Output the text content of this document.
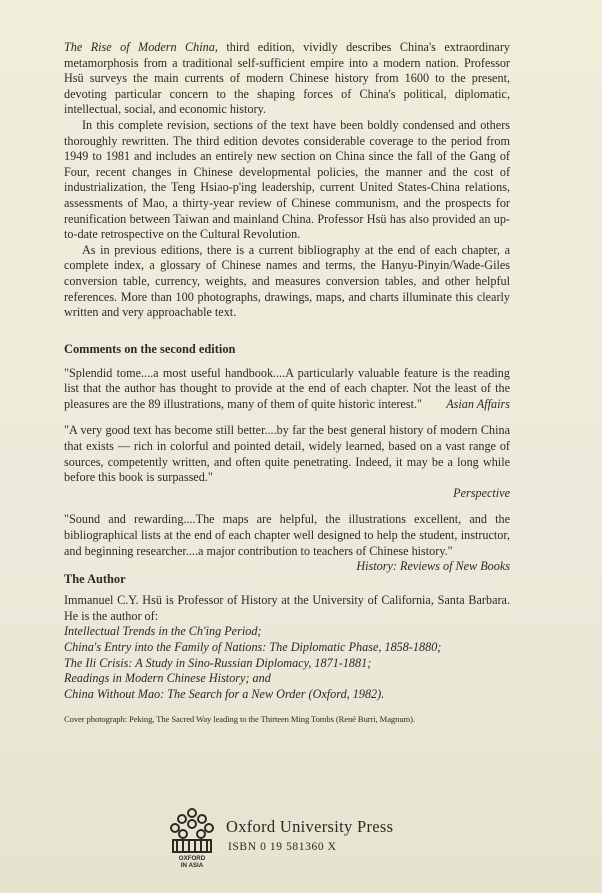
The Rise of Modern China, third edition, vividly describes China's extraordinary metamorphosis from a traditional self-sufficient empire into a modern nation. Professor Hsü surveys the main currents of modern Chinese history from 1600 to the present, devoting particular concern to the shaping forces of China's political, diplomatic, intellectual, social, and economic history.

In this complete revision, sections of the text have been boldly condensed and others thoroughly rewritten. The third edition devotes considerable coverage to the period from 1949 to 1981 and includes an entirely new section on China since the fall of the Gang of Four, recent changes in Chinese developmental policies, the manner and the cost of industrialization, the Teng Hsiao-p'ing leadership, current United States-China relations, assessments of Mao, a thirty-year review of Chinese communism, and the prospects for reunification between Taiwan and mainland China. Professor Hsü has also provided an up-to-date retrospective on the Cultural Revolution.

As in previous editions, there is a current bibliography at the end of each chapter, a complete index, a glossary of Chinese names and terms, the Hanyu-Pinyin/Wade-Giles conversion table, currency, weights, and measures conversion tables, and other helpful references. More than 100 photographs, drawings, maps, and charts illuminate this clearly written and very approachable text.

Comments on the second edition

"Splendid tome....a most useful handbook....A particularly valuable feature is the reading list that the author has thought to provide at the end of each chapter. Not the least of the pleasures are the 89 illustrations, many of them of quite historic interest." Asian Affairs

"A very good text has become still better....by far the best general history of modern China that exists — rich in colorful and pointed detail, widely learned, based on a vast range of sources, competently written, and often quite penetrating. Indeed, it may be a long while before this book is surpassed."

Perspective

"Sound and rewarding....The maps are helpful, the illustrations excellent, and the bibliographical lists at the end of each chapter well designed to help the student, instructor, and beginning researcher....a major contribution to teachers of Chinese history."
History: Reviews of New Books

The Author

Immanuel C.Y. Hsü is Professor of History at the University of California, Santa Barbara. He is the author of:

Intellectual Trends in the Ch'ing Period;

China's Entry into the Family of Nations: The Diplomatic Phase, 1858-1880;

The Ili Crisis: A Study in Sino-Russian Diplomacy, 1871-1881;

Readings in Modern Chinese History; and

China Without Mao: The Search for a New Order (Oxford, 1982).

Cover photograph: Peking, The Sacred Way leading to the Thirteen Ming Tombs (René Burri, Magnum).

OXFORD
IN ASIA
Oxford University Press
ISBN 0 19 581360 X
